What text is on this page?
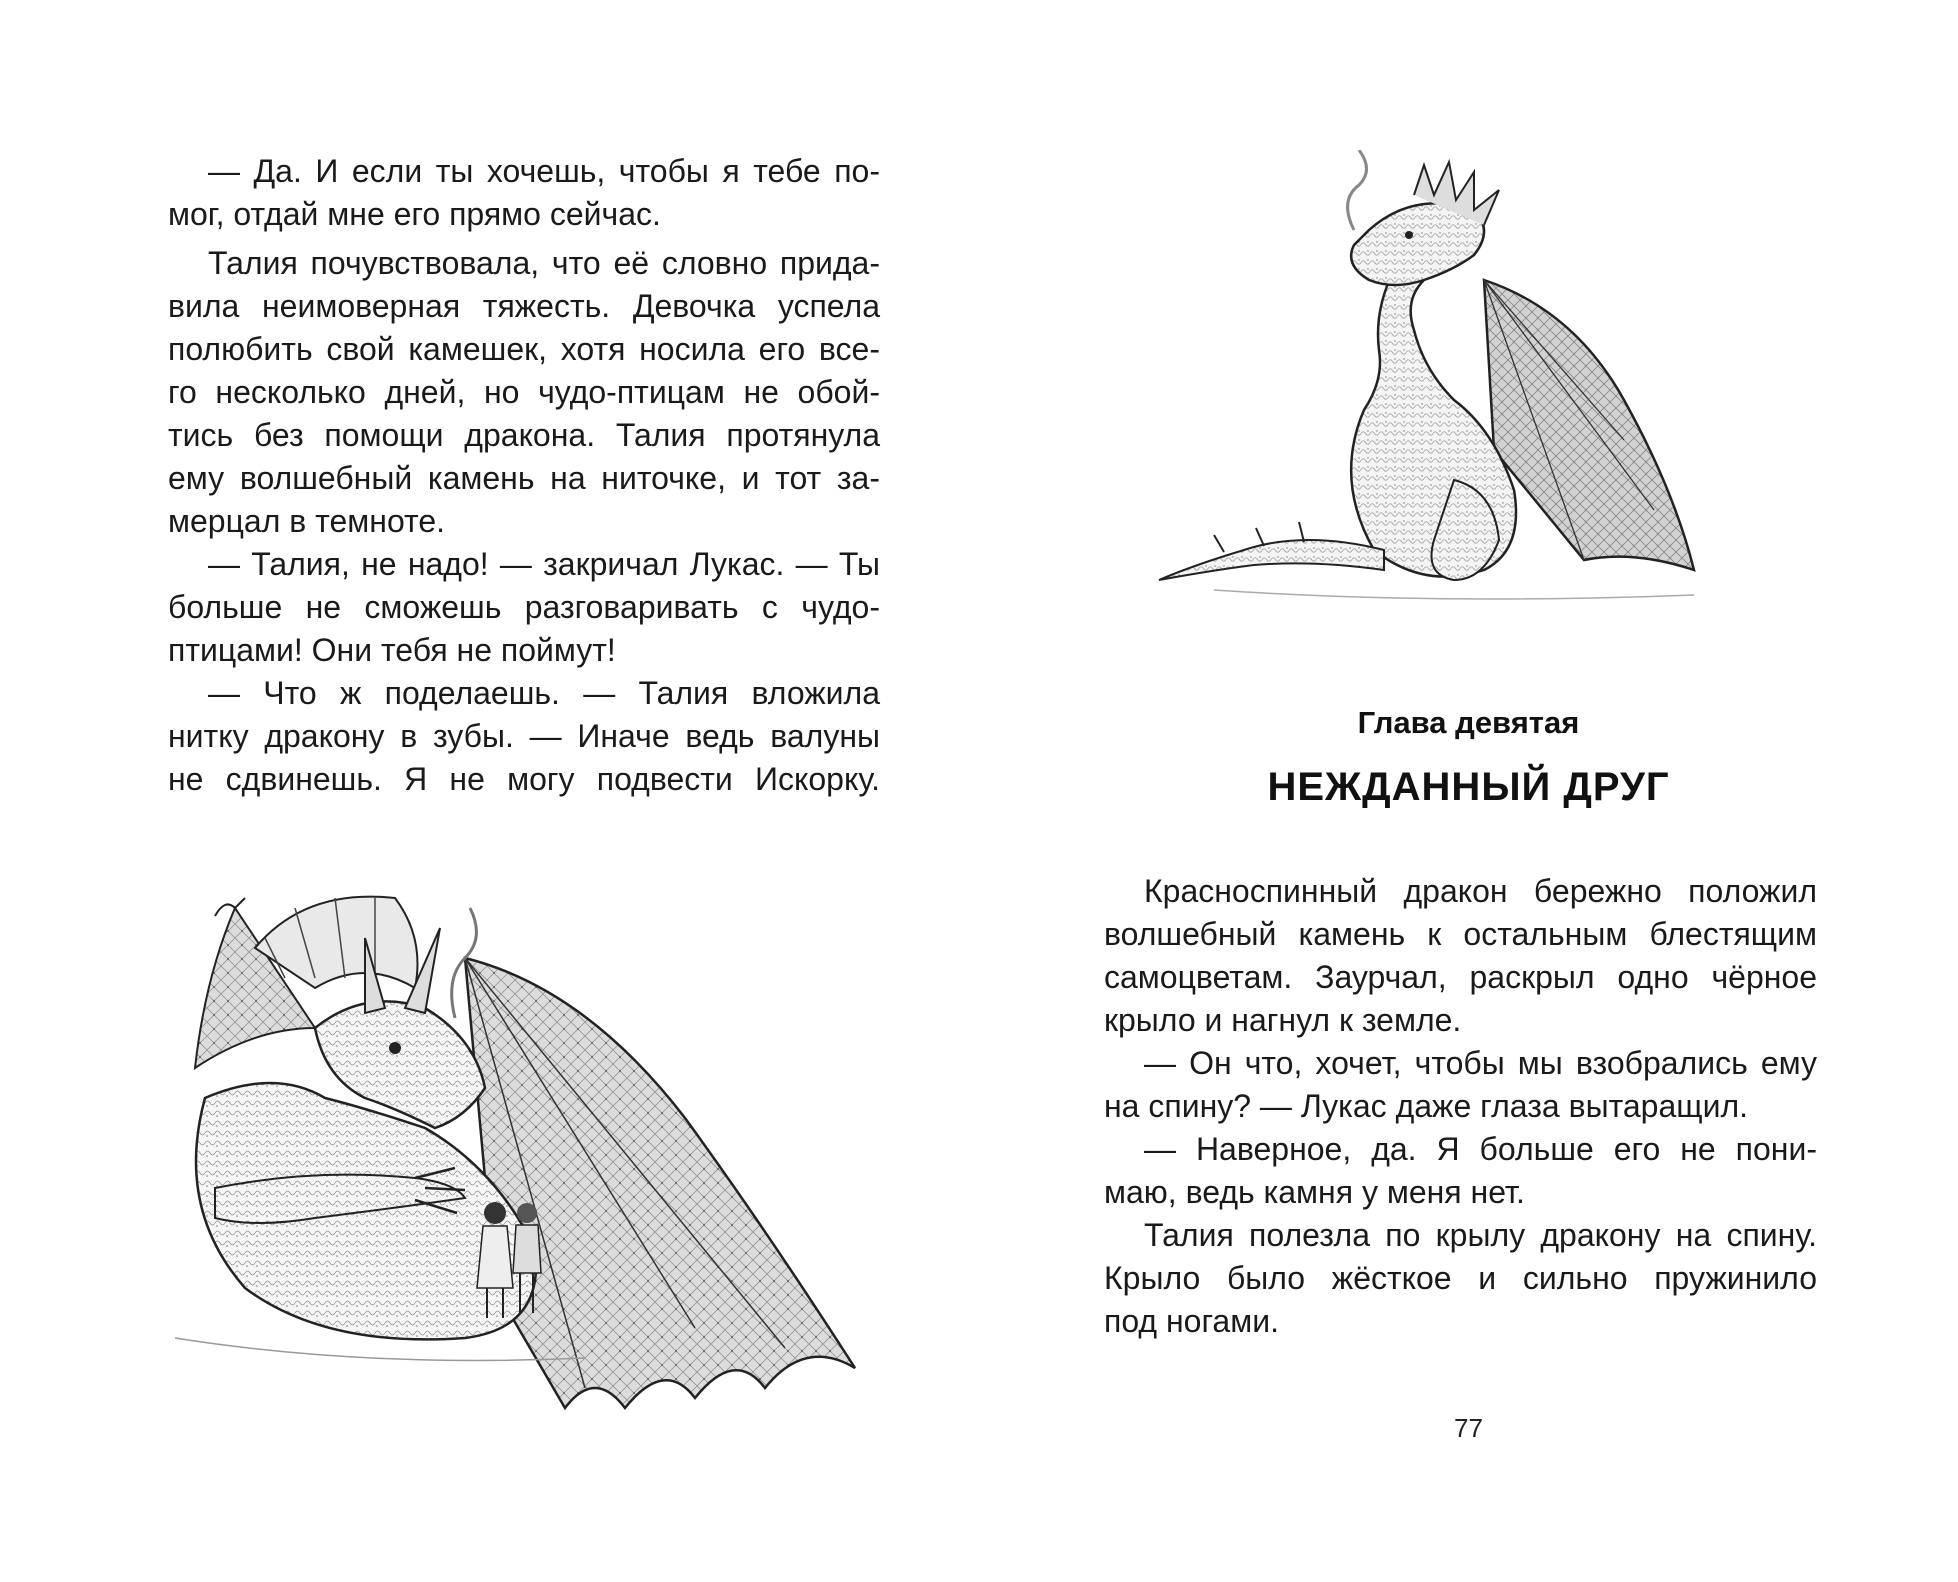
— Да. И если ты хочешь, чтобы я тебе по-
мог, отдай мне его прямо сейчас.
Талия почувствовала, что её словно прида-
вила неимоверная тяжесть. Девочка успела
полюбить свой камешек, хотя носила его все-
го несколько дней, но чудо-птицам не обой-
тись без помощи дракона. Талия протянула
ему волшебный камень на ниточке, и тот за-
мерцал в темноте.
— Талия, не надо! — закричал Лукас. — Ты
больше не сможешь разговаривать с чудо-
птицами! Они тебя не поймут!
— Что ж поделаешь. — Талия вложила
нитку дракону в зубы. — Иначе ведь валуны
не сдвинешь. Я не могу подвести Искорку.
Глава девятая
НЕЖДАННЫЙ ДРУГ
Красноспинный дракон бережно положил
волшебный камень к остальным блестящим
самоцветам. Заурчал, раскрыл одно чёрное
крыло и нагнул к земле.
— Он что, хочет, чтобы мы взобрались ему
на спину? — Лукас даже глаза вытаращил.
— Наверное, да. Я больше его не пони-
маю, ведь камня у меня нет.
Талия полезла по крылу дракону на спину.
Крыло было жёсткое и сильно пружинило
под ногами.
77
